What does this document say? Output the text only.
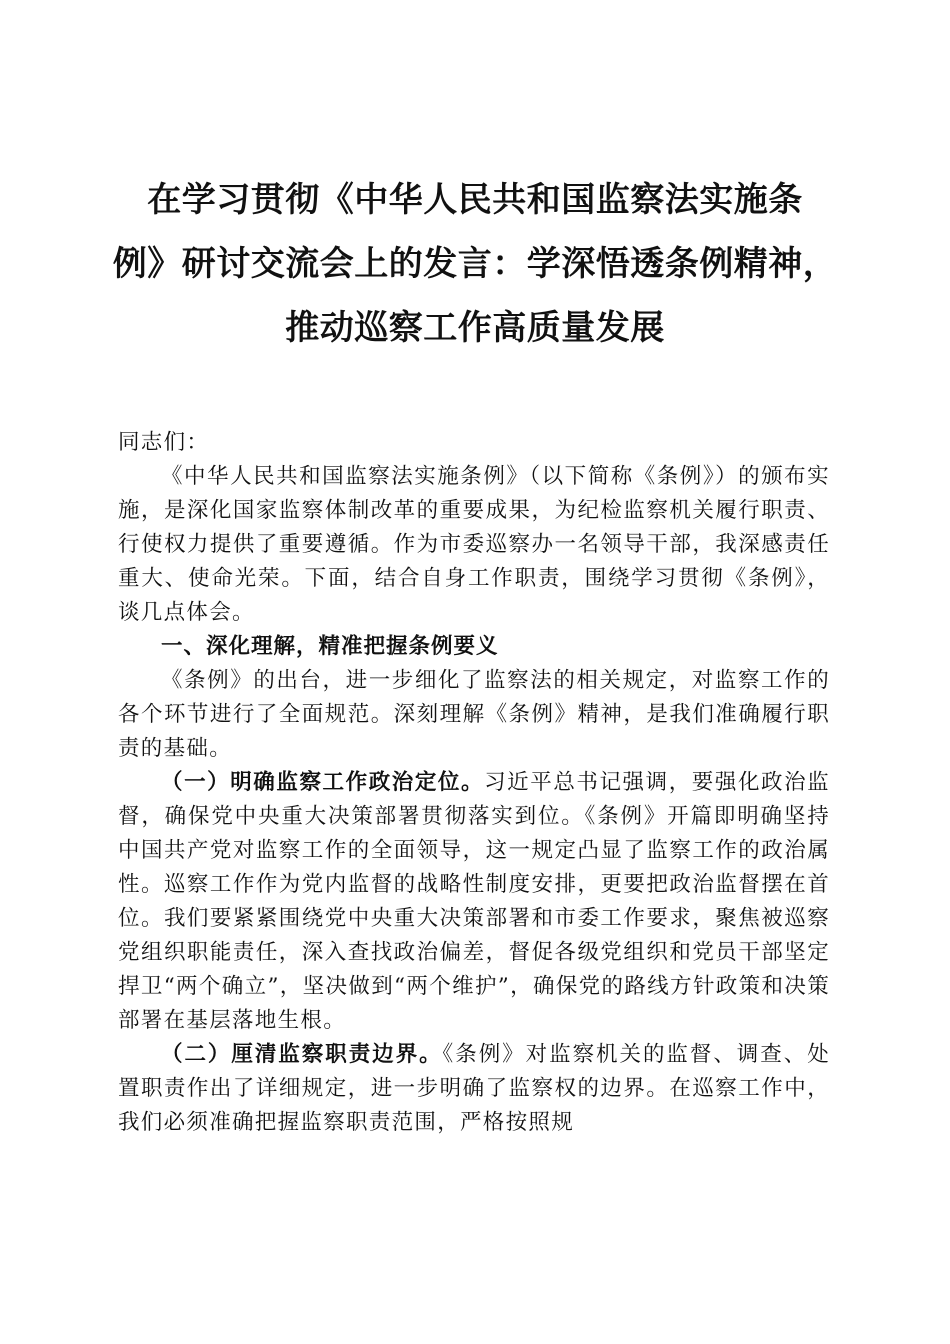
在学习贯彻《中华人民共和国监察法实施条
例》研讨交流会上的发言：学深悟透条例精神，
推动巡察工作高质量发展

同志们：

《中华人民共和国监察法实施条例》（以下简称《条例》）的颁布实施，是深化国家监察体制改革的重要成果，为纪检监察机关履行职责、行使权力提供了重要遵循。作为市委巡察办一名领导干部，我深感责任重大、使命光荣。下面，结合自身工作职责，围绕学习贯彻《条例》，谈几点体会。

一、深化理解，精准把握条例要义

《条例》的出台，进一步细化了监察法的相关规定，对监察工作的各个环节进行了全面规范。深刻理解《条例》精神，是我们准确履行职责的基础。

（一）明确监察工作政治定位。习近平总书记强调，要强化政治监督，确保党中央重大决策部署贯彻落实到位。《条例》开篇即明确坚持中国共产党对监察工作的全面领导，这一规定凸显了监察工作的政治属性。巡察工作作为党内监督的战略性制度安排，更要把政治监督摆在首位。我们要紧紧围绕党中央重大决策部署和市委工作要求，聚焦被巡察党组织职能责任，深入查找政治偏差，督促各级党组织和党员干部坚定捍卫“两个确立”，坚决做到“两个维护”，确保党的路线方针政策和决策部署在基层落地生根。

（二）厘清监察职责边界。《条例》对监察机关的监督、调查、处置职责作出了详细规定，进一步明确了监察权的边界。在巡察工作中，我们必须准确把握监察职责范围，严格按照规
